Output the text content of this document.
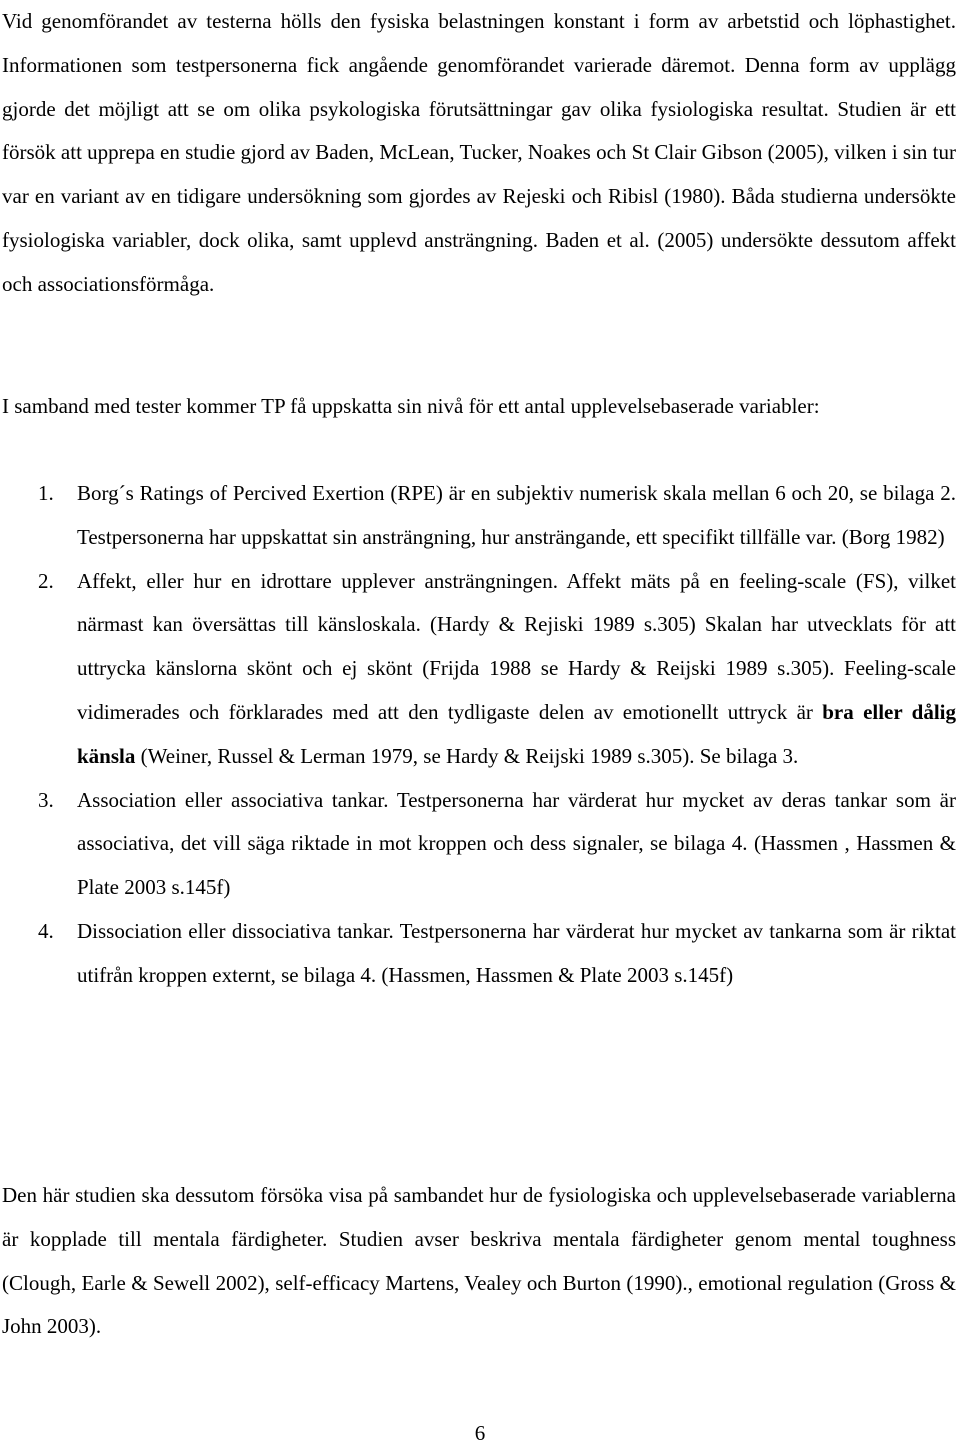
Vid genomförandet av testerna hölls den fysiska belastningen konstant i form av arbetstid och löphastighet. Informationen som testpersonerna fick angående genomförandet varierade däremot. Denna form av upplägg gjorde det möjligt att se om olika psykologiska förutsättningar gav olika fysiologiska resultat. Studien är ett försök att upprepa en studie gjord av Baden, McLean, Tucker, Noakes och St Clair Gibson (2005), vilken i sin tur var en variant av en tidigare undersökning som gjordes av Rejeski och Ribisl (1980). Båda studierna undersökte fysiologiska variabler, dock olika, samt upplevd ansträngning. Baden et al. (2005) undersökte dessutom affekt och associationsförmåga.

I samband med tester kommer TP få uppskatta sin nivå för ett antal upplevelsebaserade variabler:

1. Borg´s Ratings of Percived Exertion (RPE) är en subjektiv numerisk skala mellan 6 och 20, se bilaga 2. Testpersonerna har uppskattat sin ansträngning, hur ansträngande, ett specifikt tillfälle var. (Borg 1982)
2. Affekt, eller hur en idrottare upplever ansträngningen. Affekt mäts på en feeling-scale (FS), vilket närmast kan översättas till känsloskala. (Hardy & Rejiski 1989 s.305) Skalan har utvecklats för att uttrycka känslorna skönt och ej skönt (Frijda 1988 se Hardy & Reijski 1989 s.305). Feeling-scale vidimerades och förklarades med att den tydligaste delen av emotionellt uttryck är bra eller dålig känsla (Weiner, Russel & Lerman 1979, se Hardy & Reijski 1989 s.305). Se bilaga 3.
3. Association eller associativa tankar. Testpersonerna har värderat hur mycket av deras tankar som är associativa, det vill säga riktade in mot kroppen och dess signaler, se bilaga 4. (Hassmen , Hassmen & Plate 2003 s.145f)
4. Dissociation eller dissociativa tankar. Testpersonerna har värderat hur mycket av tankarna som är riktat utifrån kroppen externt, se bilaga 4. (Hassmen, Hassmen & Plate 2003 s.145f)

Den här studien ska dessutom försöka visa på sambandet hur de fysiologiska och upplevelsebaserade variablerna är kopplade till mentala färdigheter. Studien avser beskriva mentala färdigheter genom mental toughness (Clough, Earle & Sewell 2002), self-efficacy Martens, Vealey och Burton (1990)., emotional regulation (Gross & John 2003).

6
